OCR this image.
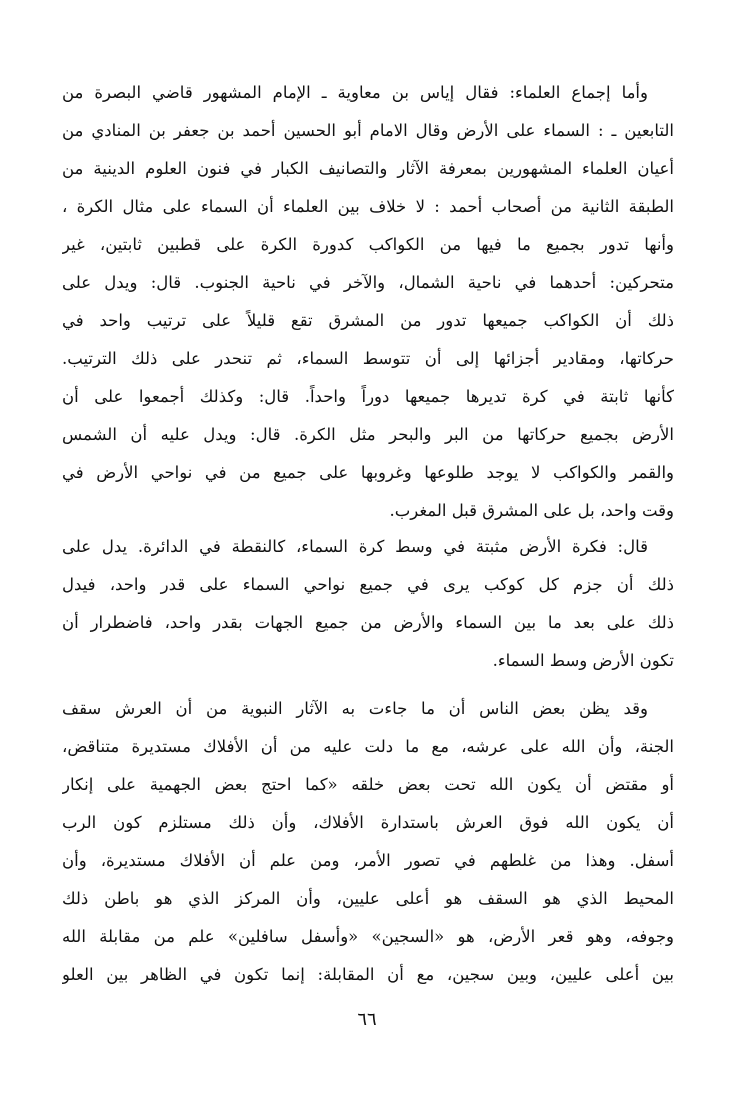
وأما إجماع العلماء: فقال إياس بن معاوية ـ الإمام المشهور قاضي البصرة من
التابعين ـ : السماء على الأرض وقال الامام أبو الحسين أحمد بن جعفر بن المنادي من
أعيان العلماء المشهورين بمعرفة الآثار والتصانيف الكبار في فنون العلوم الدينية من
الطبقة الثانية من أصحاب أحمد : لا خلاف بين العلماء أن السماء على مثال الكرة ،
وأنها تدور بجميع ما فيها من الكواكب كدورة الكرة على قطبين ثابتين، غير
متحركين: أحدهما في ناحية الشمال، والآخر في ناحية الجنوب. قال: ويدل على
ذلك أن الكواكب جميعها تدور من المشرق تقع قليلاً على ترتيب واحد في
حركاتها، ومقادير أجزائها إلى أن تتوسط السماء، ثم تنحدر على ذلك الترتيب.
كأنها ثابتة في كرة تديرها جميعها دوراً واحداً. قال: وكذلك أجمعوا على أن
الأرض بجميع حركاتها من البر والبحر مثل الكرة. قال: ويدل عليه أن الشمس
والقمر والكواكب لا يوجد طلوعها وغروبها على جميع من في نواحي الأرض في
وقت واحد، بل على المشرق قبل المغرب.
قال: فكرة الأرض مثبتة في وسط كرة السماء، كالنقطة في الدائرة. يدل على
ذلك أن جزم كل كوكب يرى في جميع نواحي السماء على قدر واحد، فيدل
ذلك على بعد ما بين السماء والأرض من جميع الجهات بقدر واحد، فاضطرار أن
تكون الأرض وسط السماء.
وقد يظن بعض الناس أن ما جاءت به الآثار النبوية من أن العرش سقف
الجنة، وأن الله على عرشه، مع ما دلت عليه من أن الأفلاك مستديرة متناقض،
أو مقتض أن يكون الله تحت بعض خلقه «كما احتج بعض الجهمية على إنكار
أن يكون الله فوق العرش باستدارة الأفلاك، وأن ذلك مستلزم كون الرب
أسفل. وهذا من غلطهم في تصور الأمر، ومن علم أن الأفلاك مستديرة، وأن
المحيط الذي هو السقف هو أعلى عليين، وأن المركز الذي هو باطن ذلك
وجوفه، وهو قعر الأرض، هو «السجين» «وأسفل سافلين» علم من مقابلة الله
بين أعلى عليين، وبين سجين، مع أن المقابلة: إنما تكون في الظاهر بين العلو
٦٦
